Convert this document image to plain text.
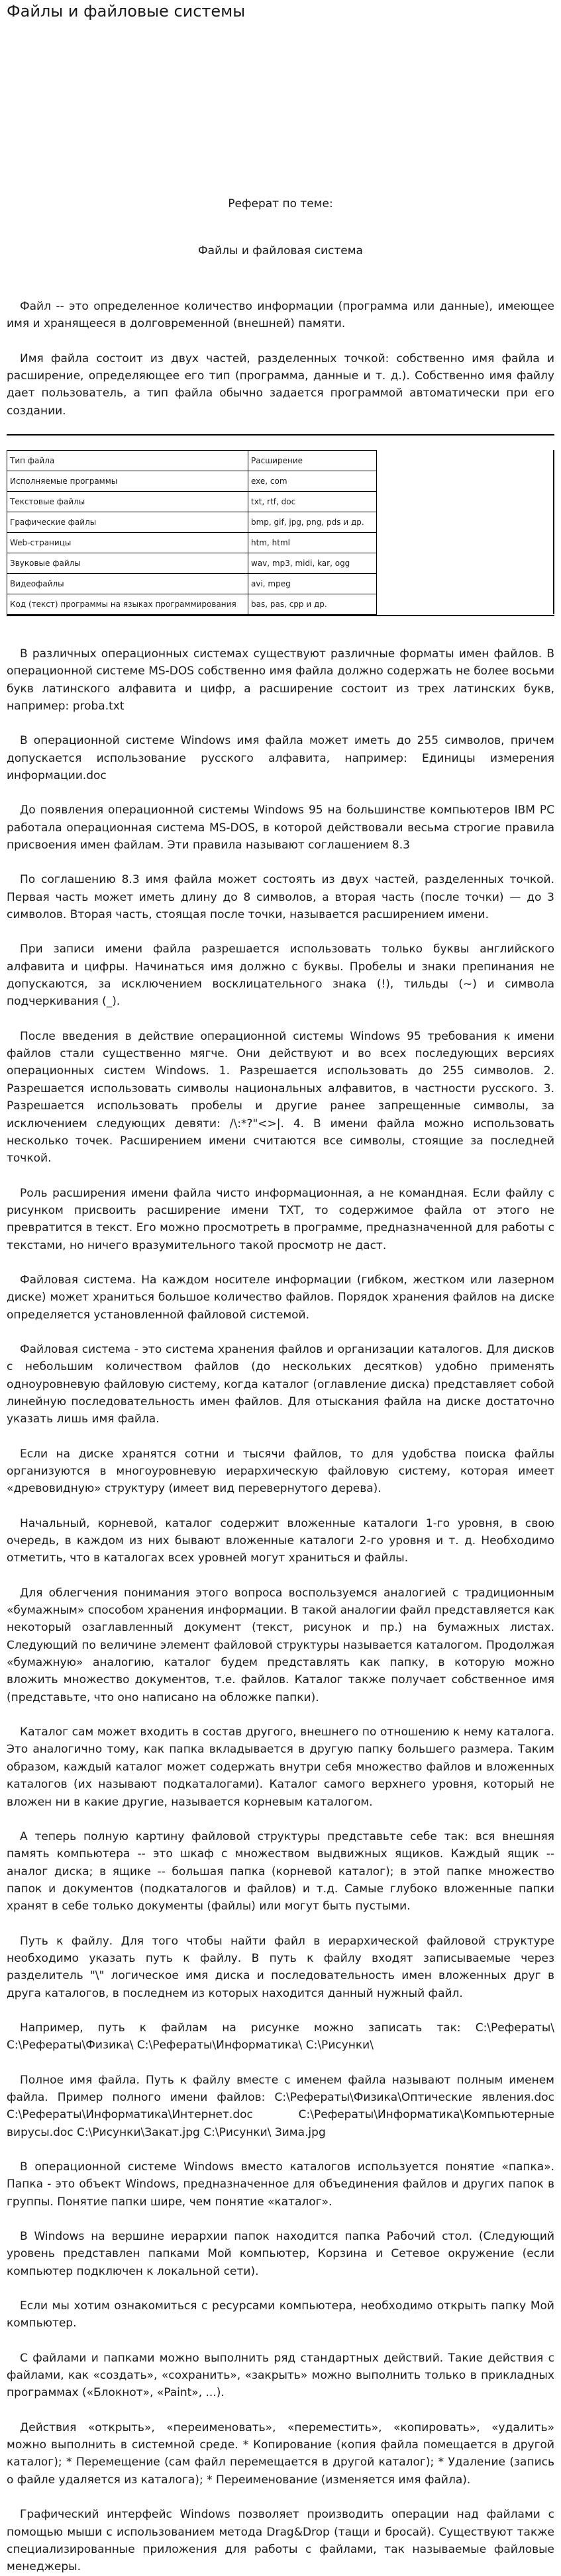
Файлы и файловые системы
Реферат по теме:
Файлы и файловая система

Файл -- это определенное количество информации (программа или данные), имеющее имя и хранящееся в долговременной (внешней) памяти.

Имя файла состоит из двух частей, разделенных точкой: собственно имя файла и расширение, определяющее его тип (программа, данные и т. д.). Собственно имя файлу дает пользователь, а тип файла обычно задается программой автоматически при его создании.

Тип файла	Расширение	
Исполняемые программы	exe, com	
Текстовые файлы	txt, rtf, doc	
Графические файлы	bmp, gif, jpg, png, pds и др.	
Web-страницы	htm, html	
Звуковые файлы	wav, mp3, midi, kar, ogg	
Видеофайлы	avi, mpeg	
Код (текст) программы на языках программирования	bas, pas, cpp и др.	

В различных операционных системах существуют различные форматы имен файлов. В операционной системе MS-DOS собственно имя файла должно содержать не более восьми букв латинского алфавита и цифр, а расширение состоит из трех латинских букв, например: proba.txt

В операционной системе Windows имя файла может иметь до 255 символов, причем допускается использование русского алфавита, например: Единицы измерения информации.doc

До появления операционной системы Windows 95 на большинстве компьютеров IBM PC работала операционная система MS-DOS, в которой действовали весьма строгие правила присвоения имен файлам. Эти правила называют соглашением 8.3

По соглашению 8.3 имя файла может состоять из двух частей, разделенных точкой. Первая часть может иметь длину до 8 символов, а вторая часть (после точки) — до 3 символов. Вторая часть, стоящая после точки, называется расширением имени.

При записи имени файла разрешается использовать только буквы английского алфавита и цифры. Начинаться имя должно с буквы. Пробелы и знаки препинания не допускаются, за исключением восклицательного знака (!), тильды (~) и символа подчеркивания (_).

После введения в действие операционной системы Windows 95 требования к имени файлов стали существенно мягче. Они действуют и во всех последующих версиях операционных систем Windows. 1. Разрешается использовать до 255 символов. 2. Разрешается использовать символы национальных алфавитов, в частности русского. 3. Разрешается использовать пробелы и другие ранее запрещенные символы, за исключением следующих девяти: /\:*?"<>|. 4. В имени файла можно использовать несколько точек. Расширением имени считаются все символы, стоящие за последней точкой.

Роль расширения имени файла чисто информационная, а не командная. Если файлу с рисунком присвоить расширение имени TXT, то содержимое файла от этого не превратится в текст. Его можно просмотреть в программе, предназначенной для работы с текстами, но ничего вразумительного такой просмотр не даст.

Файловая система. На каждом носителе информации (гибком, жестком или лазерном диске) может храниться большое количество файлов. Порядок хранения файлов на диске определяется установленной файловой системой.

Файловая система - это система хранения файлов и организации каталогов. Для дисков с небольшим количеством файлов (до нескольких десятков) удобно применять одноуровневую файловую систему, когда каталог (оглавление диска) представляет собой линейную последовательность имен файлов. Для отыскания файла на диске достаточно указать лишь имя файла.

Если на диске хранятся сотни и тысячи файлов, то для удобства поиска файлы организуются в многоуровневую иерархическую файловую систему, которая имеет «древовидную» структуру (имеет вид перевернутого дерева).

Начальный, корневой, каталог содержит вложенные каталоги 1-го уровня, в свою очередь, в каждом из них бывают вложенные каталоги 2-го уровня и т. д. Необходимо отметить, что в каталогах всех уровней могут храниться и файлы.

Для облегчения понимания этого вопроса воспользуемся аналогией с традиционным «бумажным» способом хранения информации. В такой аналогии файл представляется как некоторый озаглавленный документ (текст, рисунок и пр.) на бумажных листах. Следующий по величине элемент файловой структуры называется каталогом. Продолжая «бумажную» аналогию, каталог будем представлять как папку, в которую можно вложить множество документов, т.е. файлов. Каталог также получает собственное имя (представьте, что оно написано на обложке папки).

Каталог сам может входить в состав другого, внешнего по отношению к нему каталога. Это аналогично тому, как папка вкладывается в другую папку большего размера. Таким образом, каждый каталог может содержать внутри себя множество файлов и вложенных каталогов (их называют подкаталогами). Каталог самого верхнего уровня, который не вложен ни в какие другие, называется корневым каталогом.

А теперь полную картину файловой структуры представьте себе так: вся внешняя память компьютера -- это шкаф с множеством выдвижных ящиков. Каждый ящик -- аналог диска; в ящике -- большая папка (корневой каталог); в этой папке множество папок и документов (подкаталогов и файлов) и т.д. Самые глубоко вложенные папки хранят в себе только документы (файлы) или могут быть пустыми.

Путь к файлу. Для того чтобы найти файл в иерархической файловой структуре необходимо указать путь к файлу. В путь к файлу входят записываемые через разделитель "\" логическое имя диска и последовательность имен вложенных друг в друга каталогов, в последнем из которых находится данный нужный файл.

Например, путь к файлам на рисунке можно записать так: C:\Рефераты\ C:\Рефераты\Физика\ C:\Рефераты\Информатика\ C:\Рисунки\

Полное имя файла. Путь к файлу вместе с именем файла называют полным именем файла. Пример полного имени файлов: C:\Рефераты\Физика\Оптические явления.doc C:\Рефераты\Информатика\Интернет.doc C:\Рефераты\Информатика\Компьютерные вирусы.doc C:\Рисунки\Закат.jpg C:\Рисунки\ Зима.jpg

В операционной системе Windows вместо каталогов используется понятие «папка». Папка - это объект Windows, предназначенное для объединения файлов и других папок в группы. Понятие папки шире, чем понятие «каталог».

В Windows на вершине иерархии папок находится папка Рабочий стол. (Следующий уровень представлен папками Мой компьютер, Корзина и Сетевое окружение (если компьютер подключен к локальной сети).

Если мы хотим ознакомиться с ресурсами компьютера, необходимо открыть папку Мой компьютер.

С файлами и папками можно выполнить ряд стандартных действий. Такие действия с файлами, как «создать», «сохранить», «закрыть» можно выполнить только в прикладных программах («Блокнот», «Paint», ...).

Действия «открыть», «переименовать», «переместить», «копировать», «удалить» можно выполнить в системной среде. * Копирование (копия файла помещается в другой каталог); * Перемещение (сам файл перемещается в другой каталог); * Удаление (запись о файле удаляется из каталога); * Переименование (изменяется имя файла).

Графический интерфейс Windows позволяет производить операции над файлами с помощью мыши с использованием метода Drag&Drop (тащи и бросай). Существуют также специализированные приложения для работы с файлами, так называемые файловые менеджеры.
